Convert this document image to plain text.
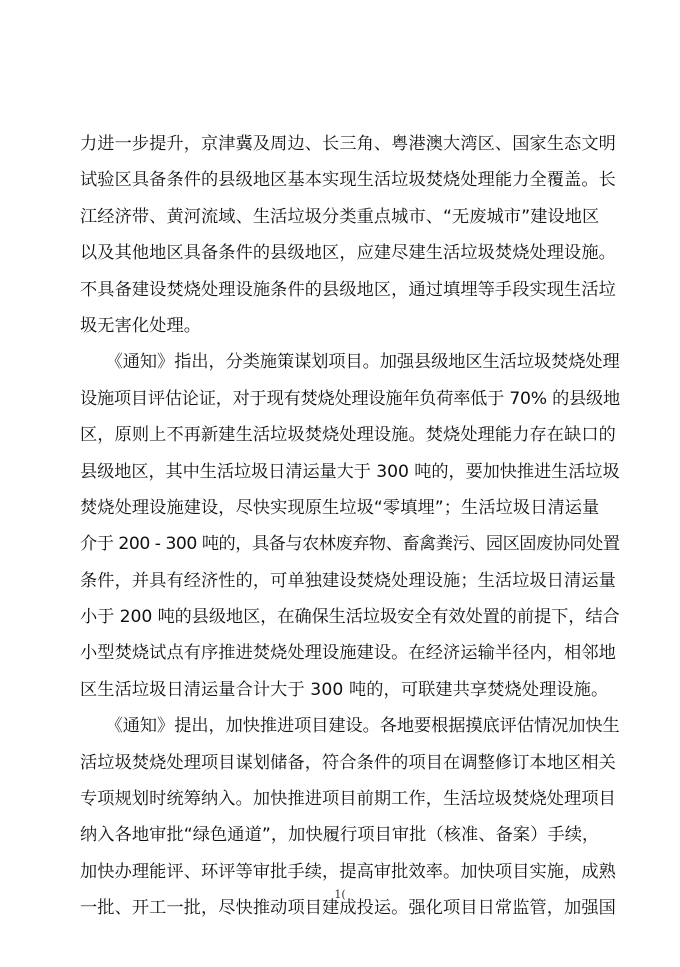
力进一步提升，京津冀及周边、长三角、粤港澳大湾区、国家生态文明
试验区具备条件的县级地区基本实现生活垃圾焚烧处理能力全覆盖。长
江经济带、黄河流域、生活垃圾分类重点城市、“无废城市”建设地区
以及其他地区具备条件的县级地区，应建尽建生活垃圾焚烧处理设施。
不具备建设焚烧处理设施条件的县级地区，通过填埋等手段实现生活垃
圾无害化处理。
　　《通知》指出，分类施策谋划项目。加强县级地区生活垃圾焚烧处理
设施项目评估论证，对于现有焚烧处理设施年负荷率低于 70% 的县级地
区，原则上不再新建生活垃圾焚烧处理设施。焚烧处理能力存在缺口的
县级地区，其中生活垃圾日清运量大于 300 吨的，要加快推进生活垃圾
焚烧处理设施建设，尽快实现原生垃圾“零填埋”；生活垃圾日清运量
介于 200 - 300 吨的，具备与农林废弃物、畜禽粪污、园区固废协同处置
条件，并具有经济性的，可单独建设焚烧处理设施；生活垃圾日清运量
小于 200 吨的县级地区，在确保生活垃圾安全有效处置的前提下，结合
小型焚烧试点有序推进焚烧处理设施建设。在经济运输半径内，相邻地
区生活垃圾日清运量合计大于 300 吨的，可联建共享焚烧处理设施。
　　《通知》提出，加快推进项目建设。各地要根据摸底评估情况加快生
活垃圾焚烧处理项目谋划储备，符合条件的项目在调整修订本地区相关
专项规划时统筹纳入。加快推进项目前期工作，生活垃圾焚烧处理项目
纳入各地审批“绿色通道”，加快履行项目审批（核准、备案）手续，
加快办理能评、环评等审批手续，提高审批效率。加快项目实施，成熟
一批、开工一批，尽快推动项目建成投运。强化项目日常监管，加强国
1(
